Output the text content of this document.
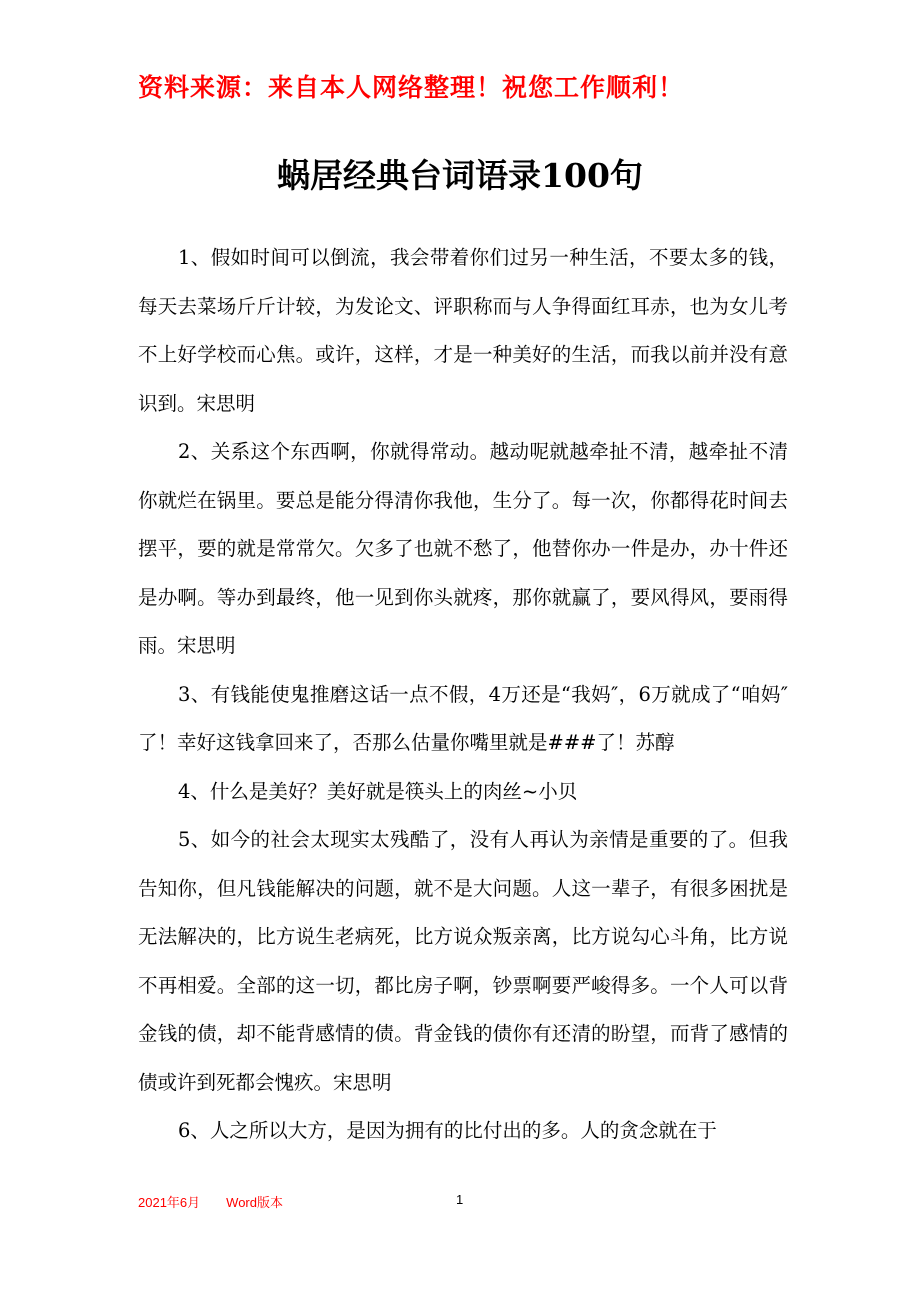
资料来源：来自本人网络整理！祝您工作顺利！
蜗居经典台词语录100句

1、假如时间可以倒流，我会带着你们过另一种生活，不要太多的钱，每天去菜场斤斤计较，为发论文、评职称而与人争得面红耳赤，也为女儿考不上好学校而心焦。或许，这样，才是一种美好的生活，而我以前并没有意识到。宋思明

2、关系这个东西啊，你就得常动。越动呢就越牵扯不清，越牵扯不清你就烂在锅里。要总是能分得清你我他，生分了。每一次，你都得花时间去摆平，要的就是常常欠。欠多了也就不愁了，他替你办一件是办，办十件还是办啊。等办到最终，他一见到你头就疼，那你就赢了，要风得风，要雨得雨。宋思明

3、有钱能使鬼推磨这话一点不假，4万还是“我妈″，6万就成了“咱妈″了！幸好这钱拿回来了，否那么估量你嘴里就是###了！苏醇

4、什么是美好？美好就是筷头上的肉丝~小贝

5、如今的社会太现实太残酷了，没有人再认为亲情是重要的了。但我告知你，但凡钱能解决的问题，就不是大问题。人这一辈子，有很多困扰是无法解决的，比方说生老病死，比方说众叛亲离，比方说勾心斗角，比方说不再相爱。全部的这一切，都比房子啊，钞票啊要严峻得多。一个人可以背金钱的债，却不能背感情的债。背金钱的债你有还清的盼望，而背了感情的债或许到死都会愧疚。宋思明

6、人之所以大方，是因为拥有的比付出的多。人的贪念就在于

2021年6月 Word版本	1
